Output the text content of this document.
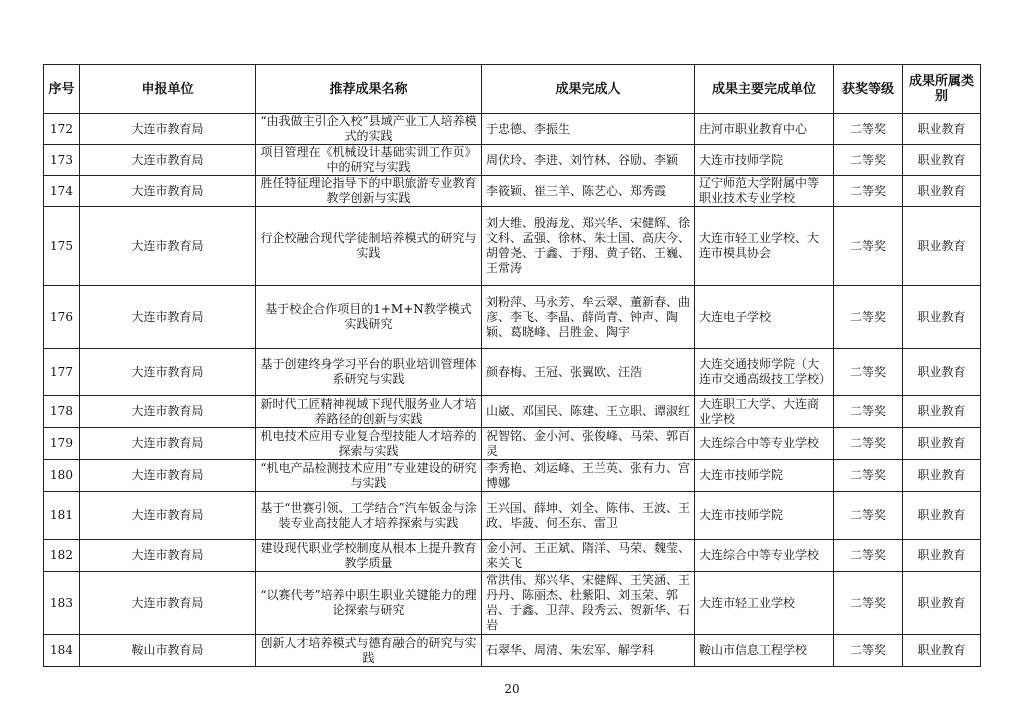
序号	申报单位	推荐成果名称	成果完成人	成果主要完成单位	获奖等级	成果所属类别
172	大连市教育局	“由我做主引企入校”县域产业工人培养模式的实践	于忠德、李振生	庄河市职业教育中心	二等奖	职业教育
173	大连市教育局	项目管理在《机械设计基础实训工作页》中的研究与实践	周伏玲、李进、刘竹林、谷励、李颖	大连市技师学院	二等奖	职业教育
174	大连市教育局	胜任特征理论指导下的中职旅游专业教育教学创新与实践	李筱颖、崔三羊、陈艺心、郑秀霞	辽宁师范大学附属中等职业技术专业学校	二等奖	职业教育
175	大连市教育局	行企校融合现代学徒制培养模式的研究与实践	刘大维、殷海龙、郑兴华、宋健辉、徐文科、孟强、徐林、朱士国、高庆今、胡曾尧、于鑫、于翔、黄子铭、王巍、王常涛	大连市轻工业学校、大连市模具协会	二等奖	职业教育
176	大连市教育局	基于校企合作项目的1+M+N教学模式实践研究	刘粉萍、马永芳、牟云翠、董新春、曲彦、李飞、李晶、薛尚青、钟声、陶颖、葛晓峰、吕胜金、陶宇	大连电子学校	二等奖	职业教育
177	大连市教育局	基于创建终身学习平台的职业培训管理体系研究与实践	颜春梅、王冠、张翼欧、汪浩	大连交通技师学院（大连市交通高级技工学校）	二等奖	职业教育
178	大连市教育局	新时代工匠精神视域下现代服务业人才培养路径的创新与实践	山崴、邓国民、陈建、王立职、谭淑红	大连职工大学、大连商业学校	二等奖	职业教育
179	大连市教育局	机电技术应用专业复合型技能人才培养的探索与实践	祝智铭、金小河、张俊峰、马荣、郭百灵	大连综合中等专业学校	二等奖	职业教育
180	大连市教育局	“机电产品检测技术应用”专业建设的研究与实践	李秀艳、刘运峰、王兰英、张有力、宫博娜	大连市技师学院	二等奖	职业教育
181	大连市教育局	基于“世赛引领、工学结合”汽车钣金与涂装专业高技能人才培养探索与实践	王兴国、薛坤、刘全、陈伟、王波、王政、毕菠、何丕东、雷卫	大连市技师学院	二等奖	职业教育
182	大连市教育局	建设现代职业学校制度从根本上提升教育教学质量	金小河、王正斌、隋洋、马荣、魏莹、来关飞	大连综合中等专业学校	二等奖	职业教育
183	大连市教育局	“以赛代考”培养中职生职业关键能力的理论探索与研究	常洪伟、郑兴华、宋健辉、王笑涵、王丹丹、陈丽杰、杜紫阳、刘玉荣、郭岩、于鑫、卫萍、段秀云、贺新华、石岩	大连市轻工业学校	二等奖	职业教育
184	鞍山市教育局	创新人才培养模式与德育融合的研究与实践	石翠华、周清、朱宏军、解学科	鞍山市信息工程学校	二等奖	职业教育
20
